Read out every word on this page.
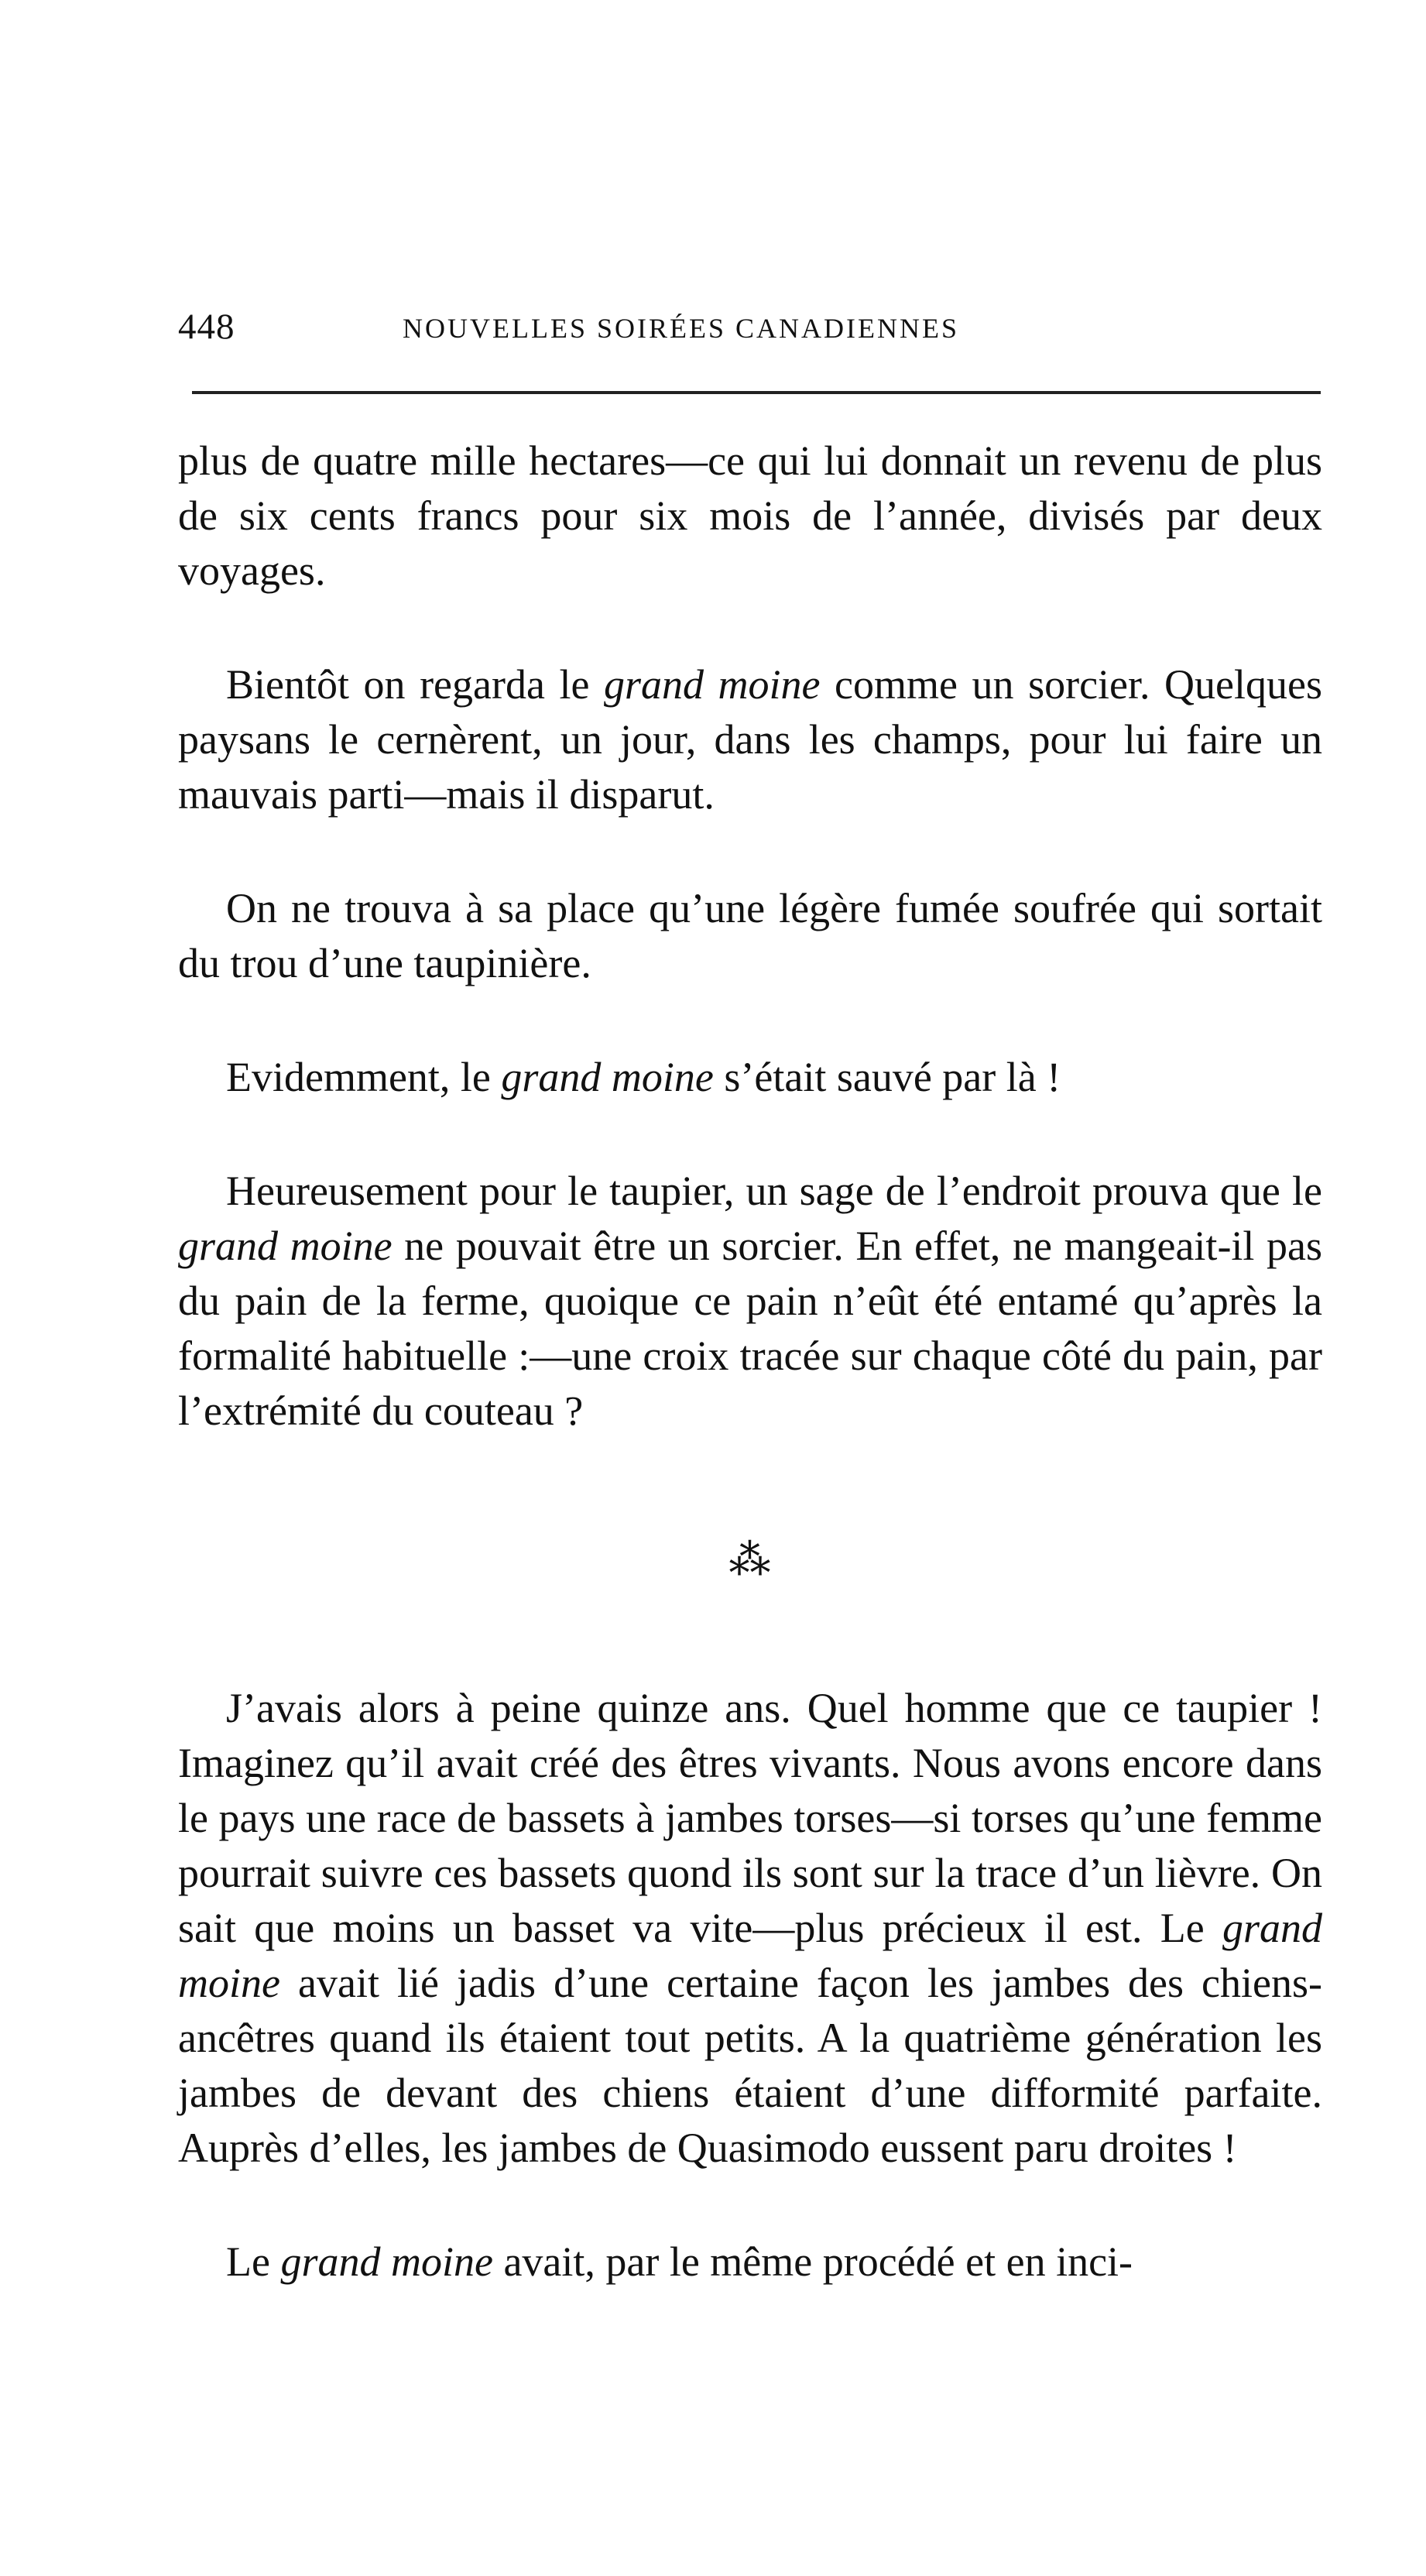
448	NOUVELLES SOIRÉES CANADIENNES

plus de quatre mille hectares—ce qui lui donnait un revenu de plus de six cents francs pour six mois de l’année, divisés par deux voyages.

Bientôt on regarda le grand moine comme un sorcier. Quelques paysans le cernèrent, un jour, dans les champs, pour lui faire un mauvais parti—mais il disparut.

On ne trouva à sa place qu’une légère fumée soufrée qui sortait du trou d’une taupinière.

Evidemment, le grand moine s’était sauvé par là !

Heureusement pour le taupier, un sage de l’endroit prouva que le grand moine ne pouvait être un sorcier. En effet, ne mangeait-il pas du pain de la ferme, quoique ce pain n’eût été entamé qu’après la formalité habituelle :—une croix tracée sur chaque côté du pain, par l’extrémité du couteau ?

⁂

J’avais alors à peine quinze ans. Quel homme que ce taupier ! Imaginez qu’il avait créé des êtres vivants. Nous avons encore dans le pays une race de bassets à jambes torses—si torses qu’une femme pourrait suivre ces bassets quond ils sont sur la trace d’un lièvre. On sait que moins un basset va vite—plus précieux il est. Le grand moine avait lié jadis d’une certaine façon les jambes des chiens-ancêtres quand ils étaient tout petits. A la quatrième génération les jambes de devant des chiens étaient d’une difformité parfaite. Auprès d’elles, les jambes de Quasimodo eussent paru droites !

Le grand moine avait, par le même procédé et en inci-
